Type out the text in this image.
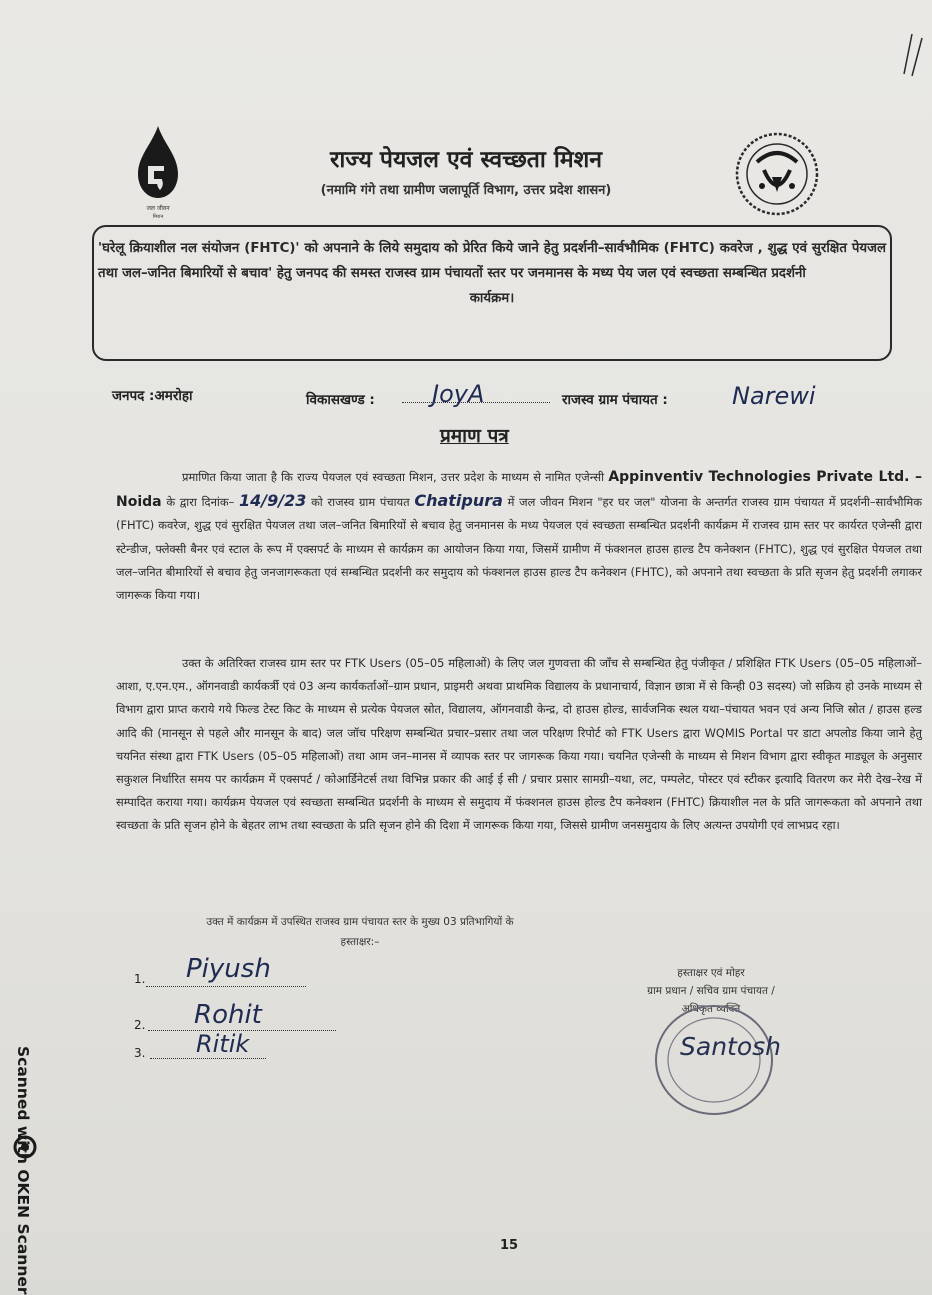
जल जीवन
मिशन
राज्य पेयजल एवं स्वच्छता मिशन
(नमामि गंगे तथा ग्रामीण जलापूर्ति विभाग, उत्तर प्रदेश शासन)
'घरेलू क्रियाशील नल संयोजन (FHTC)' को अपनाने के लिये समुदाय को प्रेरित किये जाने हेतु प्रदर्शनी–सार्वभौमिक (FHTC) कवरेज , शुद्ध एवं सुरक्षित पेयजल तथा जल–जनित बिमारियों से बचाव' हेतु जनपद की समस्त राजस्व ग्राम पंचायतों स्तर पर जनमानस के मध्य पेय जल एवं स्वच्छता सम्बन्धित प्रदर्शनी
कार्यक्रम।
जनपद :अमरोहा	विकासखण्ड : JoyA	राजस्व ग्राम पंचायत :	Narewi
प्रमाण पत्र
प्रमाणित किया जाता है कि राज्य पेयजल एवं स्वच्छता मिशन, उत्तर प्रदेश के माध्यम से नामित एजेन्सी Appinventiv Technologies Private Ltd. – Noida के द्वारा दिनांक– 14/9/23 को राजस्व ग्राम पंचायत Chatipura में जल जीवन मिशन "हर घर जल" योजना के अन्तर्गत राजस्व ग्राम पंचायत में प्रदर्शनी–सार्वभौमिक (FHTC) कवरेज, शुद्ध एवं सुरक्षित पेयजल तथा जल–जनित बिमारियों से बचाव हेतु जनमानस के मध्य पेयजल एवं स्वच्छता सम्बन्धित प्रदर्शनी कार्यक्रम में राजस्व ग्राम स्तर पर कार्यरत एजेन्सी द्वारा स्टेन्डीज, फ्लेक्सी बैनर एवं स्टाल के रूप में एक्सपर्ट के माध्यम से कार्यक्रम का आयोजन किया गया, जिसमें ग्रामीण में फंक्शनल हाउस हाल्ड टैप कनेक्शन (FHTC), शुद्ध एवं सुरक्षित पेयजल तथा जल–जनित बीमारियों से बचाव हेतु जनजागरूकता एवं सम्बन्धित प्रदर्शनी कर समुदाय को फंक्शनल हाउस हाल्ड टैप कनेक्शन (FHTC), को अपनाने तथा स्वच्छता के प्रति सृजन हेतु प्रदर्शनी लगाकर जागरूक किया गया।
उक्त के अतिरिक्त राजस्व ग्राम स्तर पर FTK Users (05–05 महिलाओं) के लिए जल गुणवत्ता की जाँच से सम्बन्धित हेतु पंजीकृत / प्रशिक्षित FTK Users (05–05 महिलाओं–आशा, ए.एन.एम., ऑगनवाडी कार्यकर्त्री एवं 03 अन्य कार्यकर्ताओं–ग्राम प्रधान, प्राइमरी अथवा प्राथमिक विद्यालय के प्रधानाचार्य, विज्ञान छात्रा में से किन्ही 03 सदस्य) जो सक्रिय हो उनके माध्यम से विभाग द्वारा प्राप्त कराये गये फिल्ड टेस्ट किट के माध्यम से प्रत्येक पेयजल स्रोत, विद्यालय, ऑगनवाडी केन्द्र, दो हाउस होल्ड, सार्वजनिक स्थल यथा–पंचायत भवन एवं अन्य निजि स्रोत / हाउस हल्ड आदि की (मानसून से पहले और मानसून के बाद) जल जॉच परिक्षण सम्बन्धित प्रचार–प्रसार तथा जल परिक्षण रिपोर्ट को FTK Users द्वारा WQMIS Portal पर डाटा अपलोड किया जाने हेतु चयनित संस्था द्वारा FTK Users (05–05 महिलाओं) तथा आम जन–मानस में व्यापक स्तर पर जागरूक किया गया। चयनित एजेन्सी के माध्यम से मिशन विभाग द्वारा स्वीकृत माड्यूल के अनुसार सकुशल निर्धारित समय पर कार्यक्रम में एक्सपर्ट / कोआर्डिनेटर्स तथा विभिन्न प्रकार की आई ई सी / प्रचार प्रसार सामग्री–यथा, लट, पम्पलेट, पोस्टर एवं स्टीकर इत्यादि वितरण कर मेरी देख–रेख में सम्पादित कराया गया। कार्यक्रम पेयजल एवं स्वच्छता सम्बन्धित प्रदर्शनी के माध्यम से समुदाय में फंक्शनल हाउस होल्ड टैप कनेक्शन (FHTC) क्रियाशील नल के प्रति जागरूकता को अपनाने तथा स्वच्छता के प्रति सृजन होने के बेहतर लाभ तथा स्वच्छता के प्रति सृजन होने की दिशा में जागरूक किया गया, जिससे ग्रामीण जनसमुदाय के लिए अत्यन्त उपयोगी एवं लाभप्रद रहा।
उक्त में कार्यक्रम में उपस्थित राजस्व ग्राम पंचायत स्तर के मुख्य 03 प्रतिभागियों के
हस्ताक्षर:–
1. Piyush
2. Rohit
3. Ritik
हस्ताक्षर एवं मोहर
ग्राम प्रधान / सचिव ग्राम पंचायत /
अधिकृत व्यक्ति
Santosh
15
Scanned with OKEN Scanner
